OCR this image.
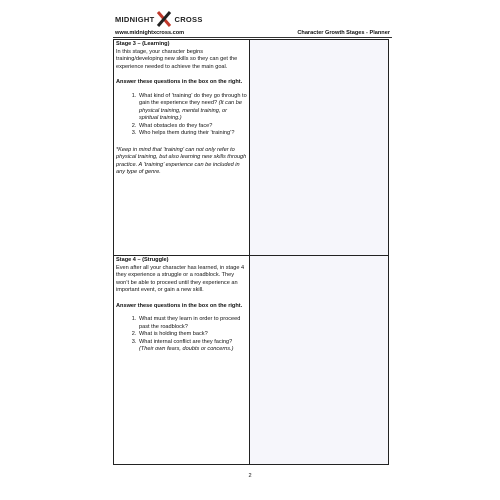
MIDNIGHT	CROSS
www.midnightxcross.com	Character Growth Stages - Planner
Stage 3 – (Learning)

In this stage, your character begins training/developing new skills so they can get the experience needed to achieve the main goal.

Answer these questions in the box on the right.

1. What kind of ‘training’ do they go through to gain the experience they need? (It can be physical training, mental training, or spiritual training.)
2. What obstacles do they face?
3. Who helps them during their ‘training’?

*Keep in mind that ‘training’ can not only refer to physical training, but also learning new skills through practice. A ‘training’ experience can be included in any type of genre.

Stage 4 – (Struggle)

Even after all your character has learned, in stage 4 they experience a struggle or a roadblock. They won’t be able to proceed until they experience an important event, or gain a new skill.

Answer these questions in the box on the right.

1. What must they learn in order to proceed past the roadblock?
2. What is holding them back?
3. What internal conflict are they facing? (Their own fears, doubts or concerns.)
2
